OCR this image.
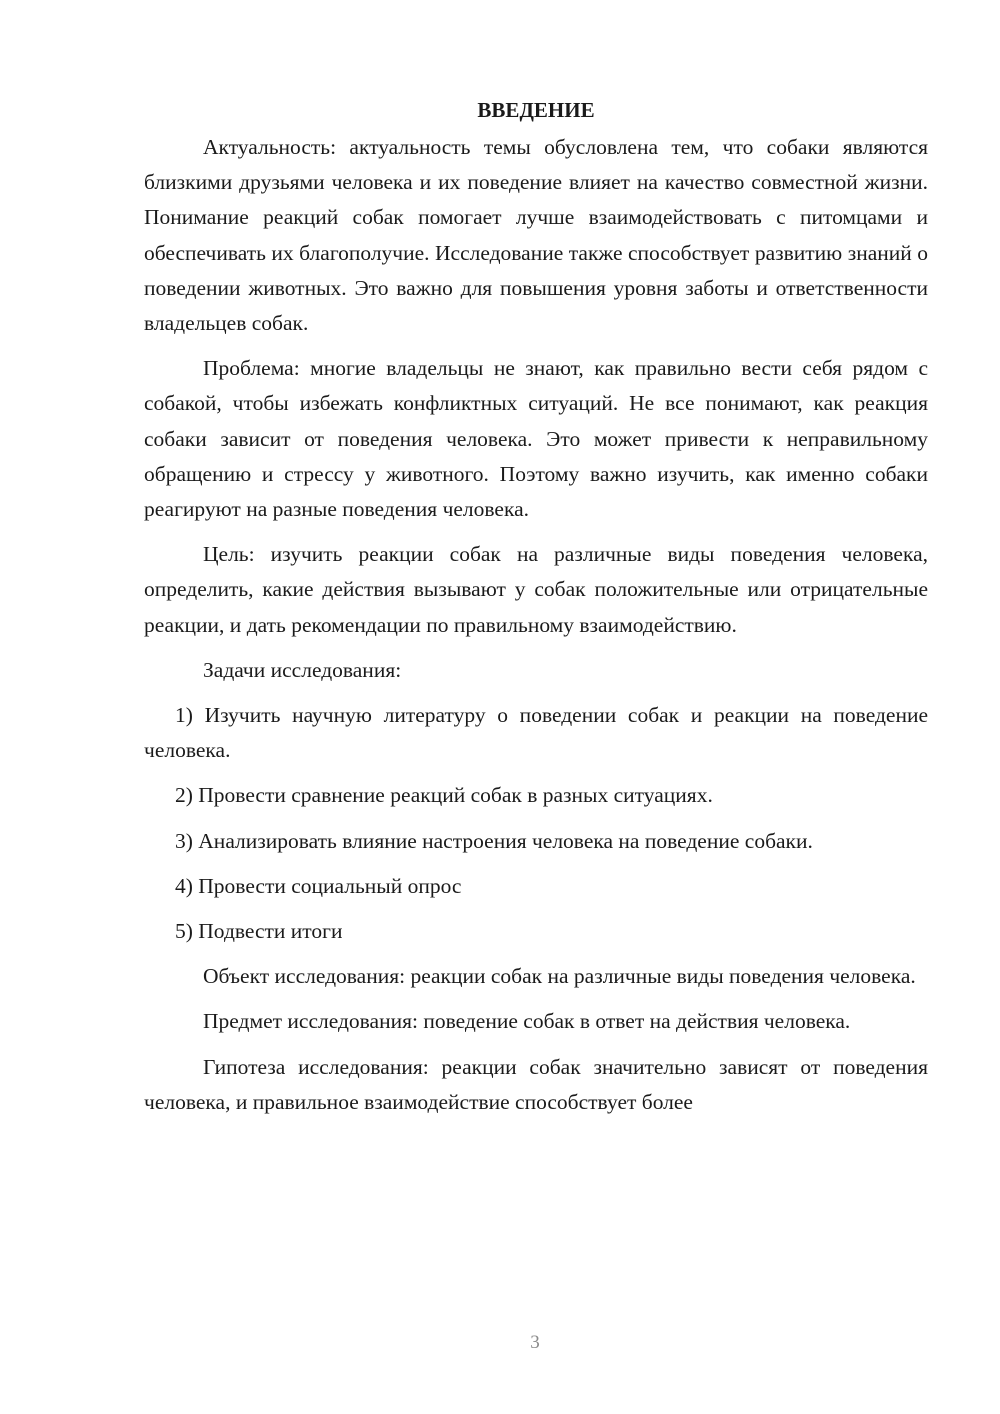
ВВЕДЕНИЕ

Актуальность: актуальность темы обусловлена тем, что собаки являются близкими друзьями человека и их поведение влияет на качество совместной жизни. Понимание реакций собак помогает лучше взаимодействовать с питомцами и обеспечивать их благополучие. Исследование также способствует развитию знаний о поведении животных. Это важно для повышения уровня заботы и ответственности владельцев собак.

Проблема: многие владельцы не знают, как правильно вести себя рядом с собакой, чтобы избежать конфликтных ситуаций. Не все понимают, как реакция собаки зависит от поведения человека. Это может привести к неправильному обращению и стрессу у животного. Поэтому важно изучить, как именно собаки реагируют на разные поведения человека.

Цель: изучить реакции собак на различные виды поведения человека, определить, какие действия вызывают у собак положительные или отрицательные реакции, и дать рекомендации по правильному взаимодействию.

Задачи исследования:

1) Изучить научную литературу о поведении собак и реакции на поведение человека.
2) Провести сравнение реакций собак в разных ситуациях.
3) Анализировать влияние настроения человека на поведение собаки.
4) Провести социальный опрос
5) Подвести итоги

Объект исследования: реакции собак на различные виды поведения человека.

Предмет исследования: поведение собак в ответ на действия человека.

Гипотеза исследования: реакции собак значительно зависят от поведения человека, и правильное взаимодействие способствует более

3
